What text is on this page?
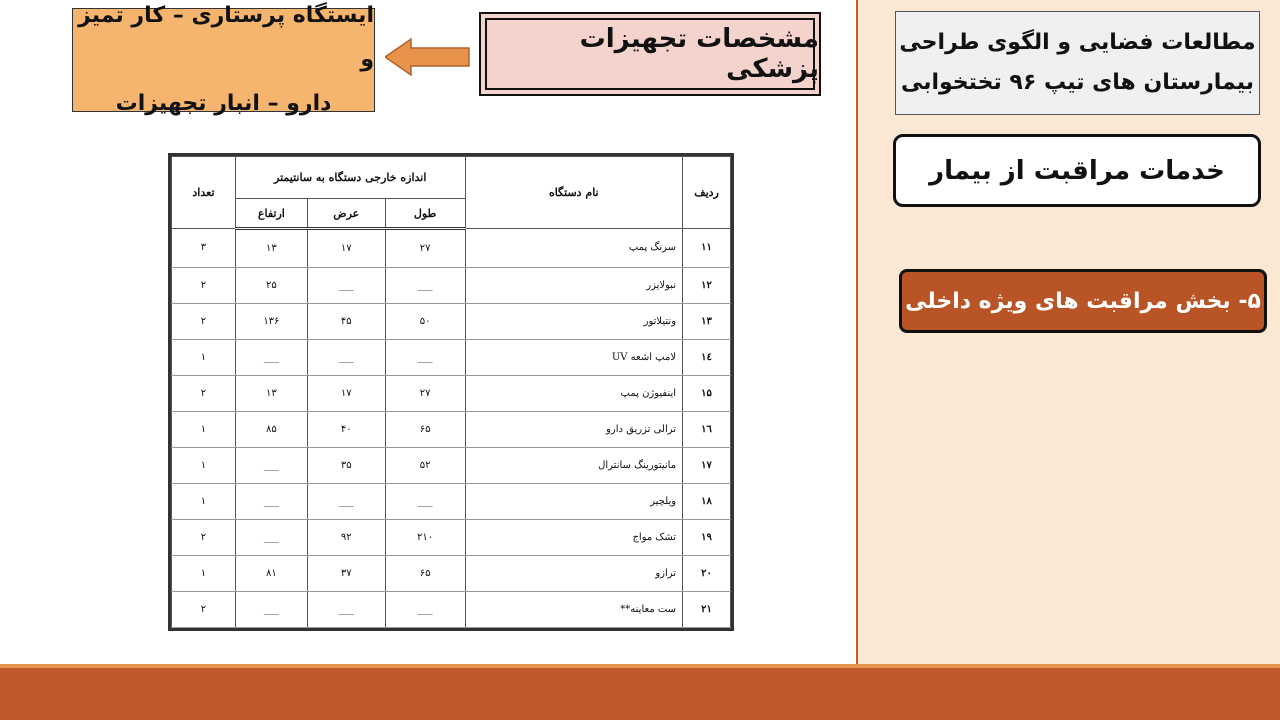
مطالعات فضایی و الگوی طراحی
بیمارستان های تیپ ۹۶ تختخوابی
خدمات مراقبت از بیمار
۵- بخش مراقبت های ویژه داخلی
مشخصات تجهیزات پزشکی
ایستگاه پرستاری – کار تمیز و
دارو – انبار تجهیزات
ردیف	نام دستگاه	اندازه خارجی دستگاه به سانتیمتر			تعداد
		طول	عرض	ارتفاع	
۱۱	سرنگ پمپ	۲۷	۱۷	۱۳	۳
۱۲	نبولایزر	___	___	۲۵	۲
۱۳	ونتیلاتور	۵۰	۴۵	۱۳۶	۲
١٤	لامپ اشعه UV	___	___	___	۱
۱۵	اینفیوژن پمپ	۲۷	۱۷	۱۳	۲
١٦	ترالی تزریق دارو	۶۵	۴۰	۸۵	۱
۱۷	مانیتورینگ سانترال	۵۲	۳۵	___	۱
۱۸	ویلچیر	___	___	___	۱
۱۹	تشک مواج	۲۱۰	۹۲	___	۲
۲۰	ترازو	۶۵	۳۷	۸۱	۱
۲۱	ست معاینه**	___	___	___	۲
